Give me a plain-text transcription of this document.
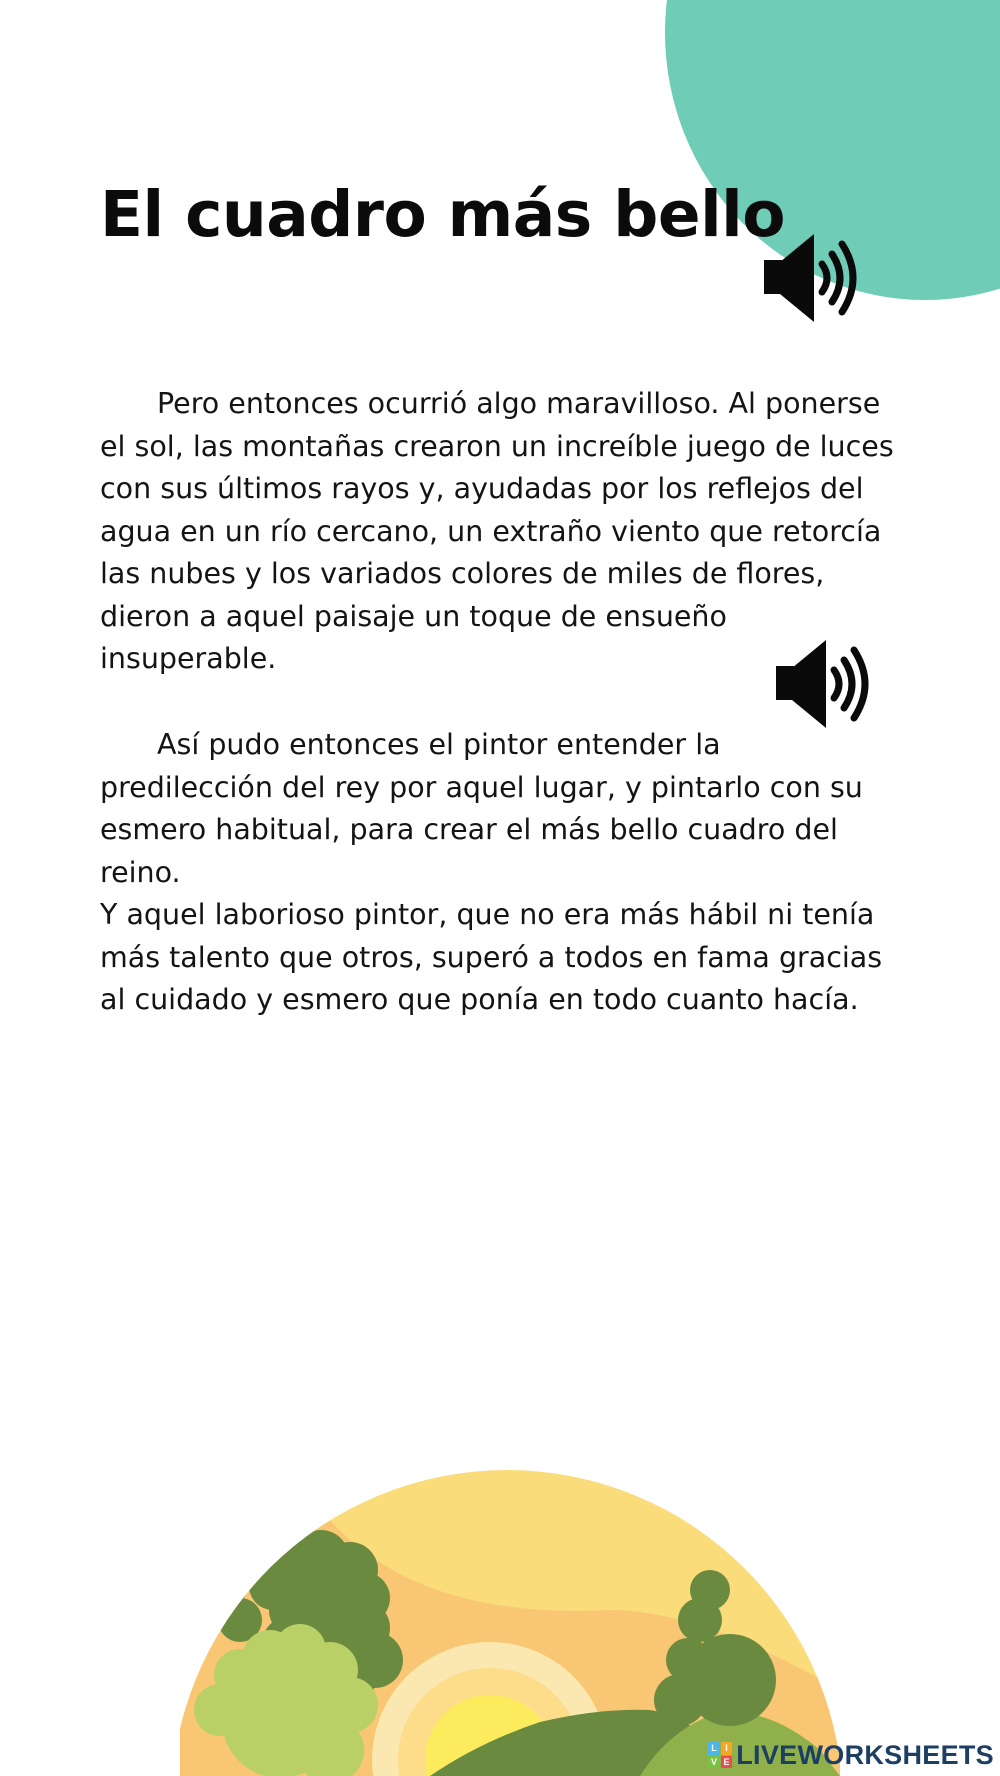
El cuadro más bello

Pero entonces ocurrió algo maravilloso. Al ponerse el sol, las montañas crearon un increíble juego de luces con sus últimos rayos y, ayudadas por los reflejos del agua en un río cercano, un extraño viento que retorcía las nubes y los variados colores de miles de flores, dieron a aquel paisaje un toque de ensueño insuperable.

Así pudo entonces el pintor entender la predilección del rey por aquel lugar, y pintarlo con su esmero habitual, para crear el más bello cuadro del reino.

Y aquel laborioso pintor, que no era más hábil ni tenía más talento que otros, superó a todos en fama gracias al cuidado y esmero que ponía en todo cuanto hacía.

L I
V E LIVEWORKSHEETS
